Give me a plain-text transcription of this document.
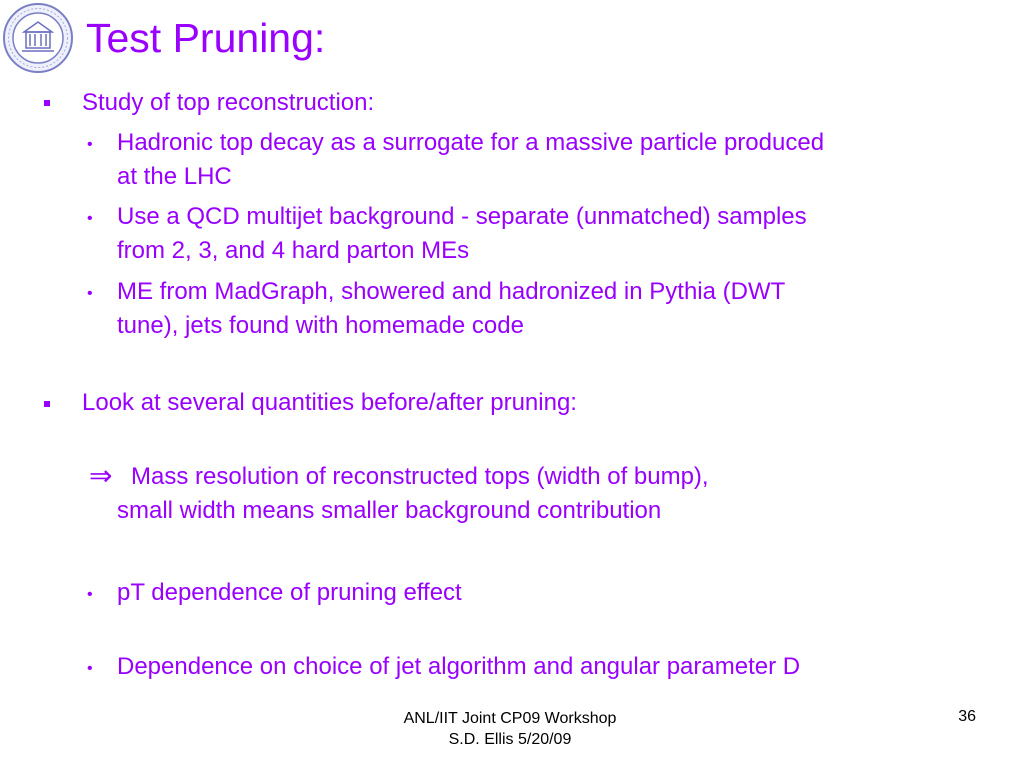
Test Pruning:
Study of top reconstruction:
• Hadronic top decay as a surrogate for a massive particle produced
at the LHC
• Use a QCD multijet background - separate (unmatched) samples
from 2, 3, and 4 hard parton MEs
• ME from MadGraph, showered and hadronized in Pythia (DWT
tune), jets found with homemade code
Look at several quantities before/after pruning:
⇒ Mass resolution of reconstructed tops (width of bump),
small width means smaller background contribution
• pT dependence of pruning effect
• Dependence on choice of jet algorithm and angular parameter D
ANL/IIT Joint CP09 Workshop
S.D. Ellis 5/20/09
36
